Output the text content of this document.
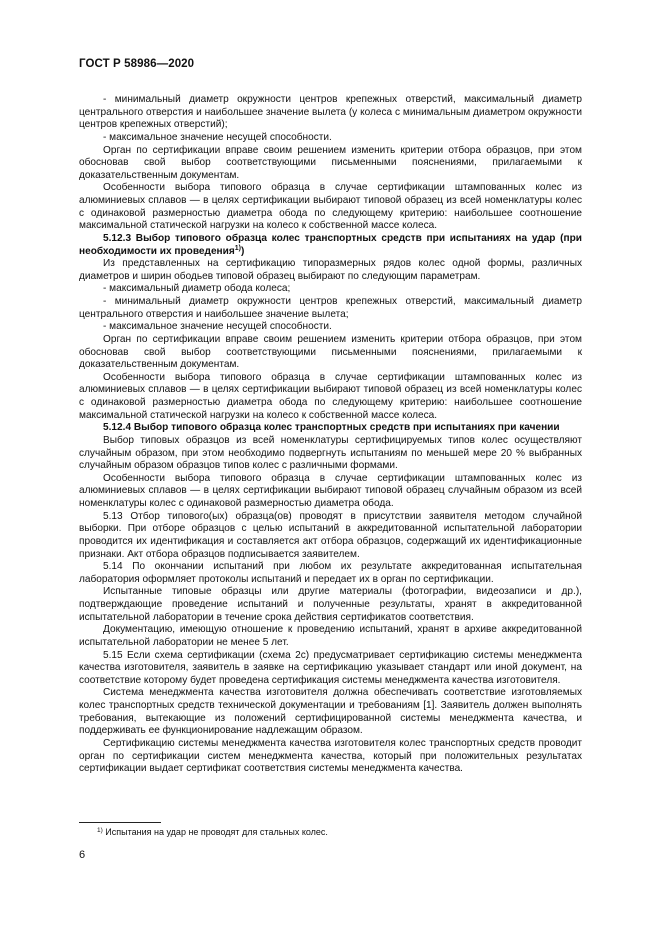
ГОСТ Р 58986—2020

- минимальный диаметр окружности центров крепежных отверстий, максимальный диаметр центрального отверстия и наибольшее значение вылета (у колеса с минимальным диаметром окружности центров крепежных отверстий);

- максимальное значение несущей способности.

Орган по сертификации вправе своим решением изменить критерии отбора образцов, при этом обосновав свой выбор соответствующими письменными пояснениями, прилагаемыми к доказательственным документам.

Особенности выбора типового образца в случае сертификации штампованных колес из алюминиевых сплавов — в целях сертификации выбирают типовой образец из всей номенклатуры колес с одинаковой размерностью диаметра обода по следующему критерию: наибольшее соотношение максимальной статической нагрузки на колесо к собственной массе колеса.

5.12.3 Выбор типового образца колес транспортных средств при испытаниях на удар (при необходимости их проведения$^{1)}$)

Из представленных на сертификацию типоразмерных рядов колес одной формы, различных диаметров и ширин ободьев типовой образец выбирают по следующим параметрам.

- максимальный диаметр обода колеса;

- минимальный диаметр окружности центров крепежных отверстий, максимальный диаметр центрального отверстия и наибольшее значение вылета;

- максимальное значение несущей способности.

Орган по сертификации вправе своим решением изменить критерии отбора образцов, при этом обосновав свой выбор соответствующими письменными пояснениями, прилагаемыми к доказательственным документам.

Особенности выбора типового образца в случае сертификации штампованных колес из алюминиевых сплавов — в целях сертификации выбирают типовой образец из всей номенклатуры колес с одинаковой размерностью диаметра обода по следующему критерию: наибольшее соотношение максимальной статической нагрузки на колесо к собственной массе колеса.

5.12.4 Выбор типового образца колес транспортных средств при испытаниях при качении

Выбор типовых образцов из всей номенклатуры сертифицируемых типов колес осуществляют случайным образом, при этом необходимо подвергнуть испытаниям по меньшей мере 20 % выбранных случайным образом образцов типов колес с различными формами.

Особенности выбора типового образца в случае сертификации штампованных колес из алюминиевых сплавов — в целях сертификации выбирают типовой образец случайным образом из всей номенклатуры колес с одинаковой размерностью диаметра обода.

5.13 Отбор типового(ых) образца(ов) проводят в присутствии заявителя методом случайной выборки. При отборе образцов с целью испытаний в аккредитованной испытательной лаборатории проводится их идентификация и составляется акт отбора образцов, содержащий их идентификационные признаки. Акт отбора образцов подписывается заявителем.

5.14 По окончании испытаний при любом их результате аккредитованная испытательная лаборатория оформляет протоколы испытаний и передает их в орган по сертификации.

Испытанные типовые образцы или другие материалы (фотографии, видеозаписи и др.), подтверждающие проведение испытаний и полученные результаты, хранят в аккредитованной испытательной лаборатории в течение срока действия сертификатов соответствия.

Документацию, имеющую отношение к проведению испытаний, хранят в архиве аккредитованной испытательной лаборатории не менее 5 лет.

5.15 Если схема сертификации (схема 2с) предусматривает сертификацию системы менеджмента качества изготовителя, заявитель в заявке на сертификацию указывает стандарт или иной документ, на соответствие которому будет проведена сертификация системы менеджмента качества изготовителя.

Система менеджмента качества изготовителя должна обеспечивать соответствие изготовляемых колес транспортных средств технической документации и требованиям [1]. Заявитель должен выполнять требования, вытекающие из положений сертифицированной системы менеджмента качества, и поддерживать ее функционирование надлежащим образом.

Сертификацию системы менеджмента качества изготовителя колес транспортных средств проводит орган по сертификации систем менеджмента качества, который при положительных результатах сертификации выдает сертификат соответствия системы менеджмента качества.

$^{1)}$ Испытания на удар не проводят для стальных колес.
6
